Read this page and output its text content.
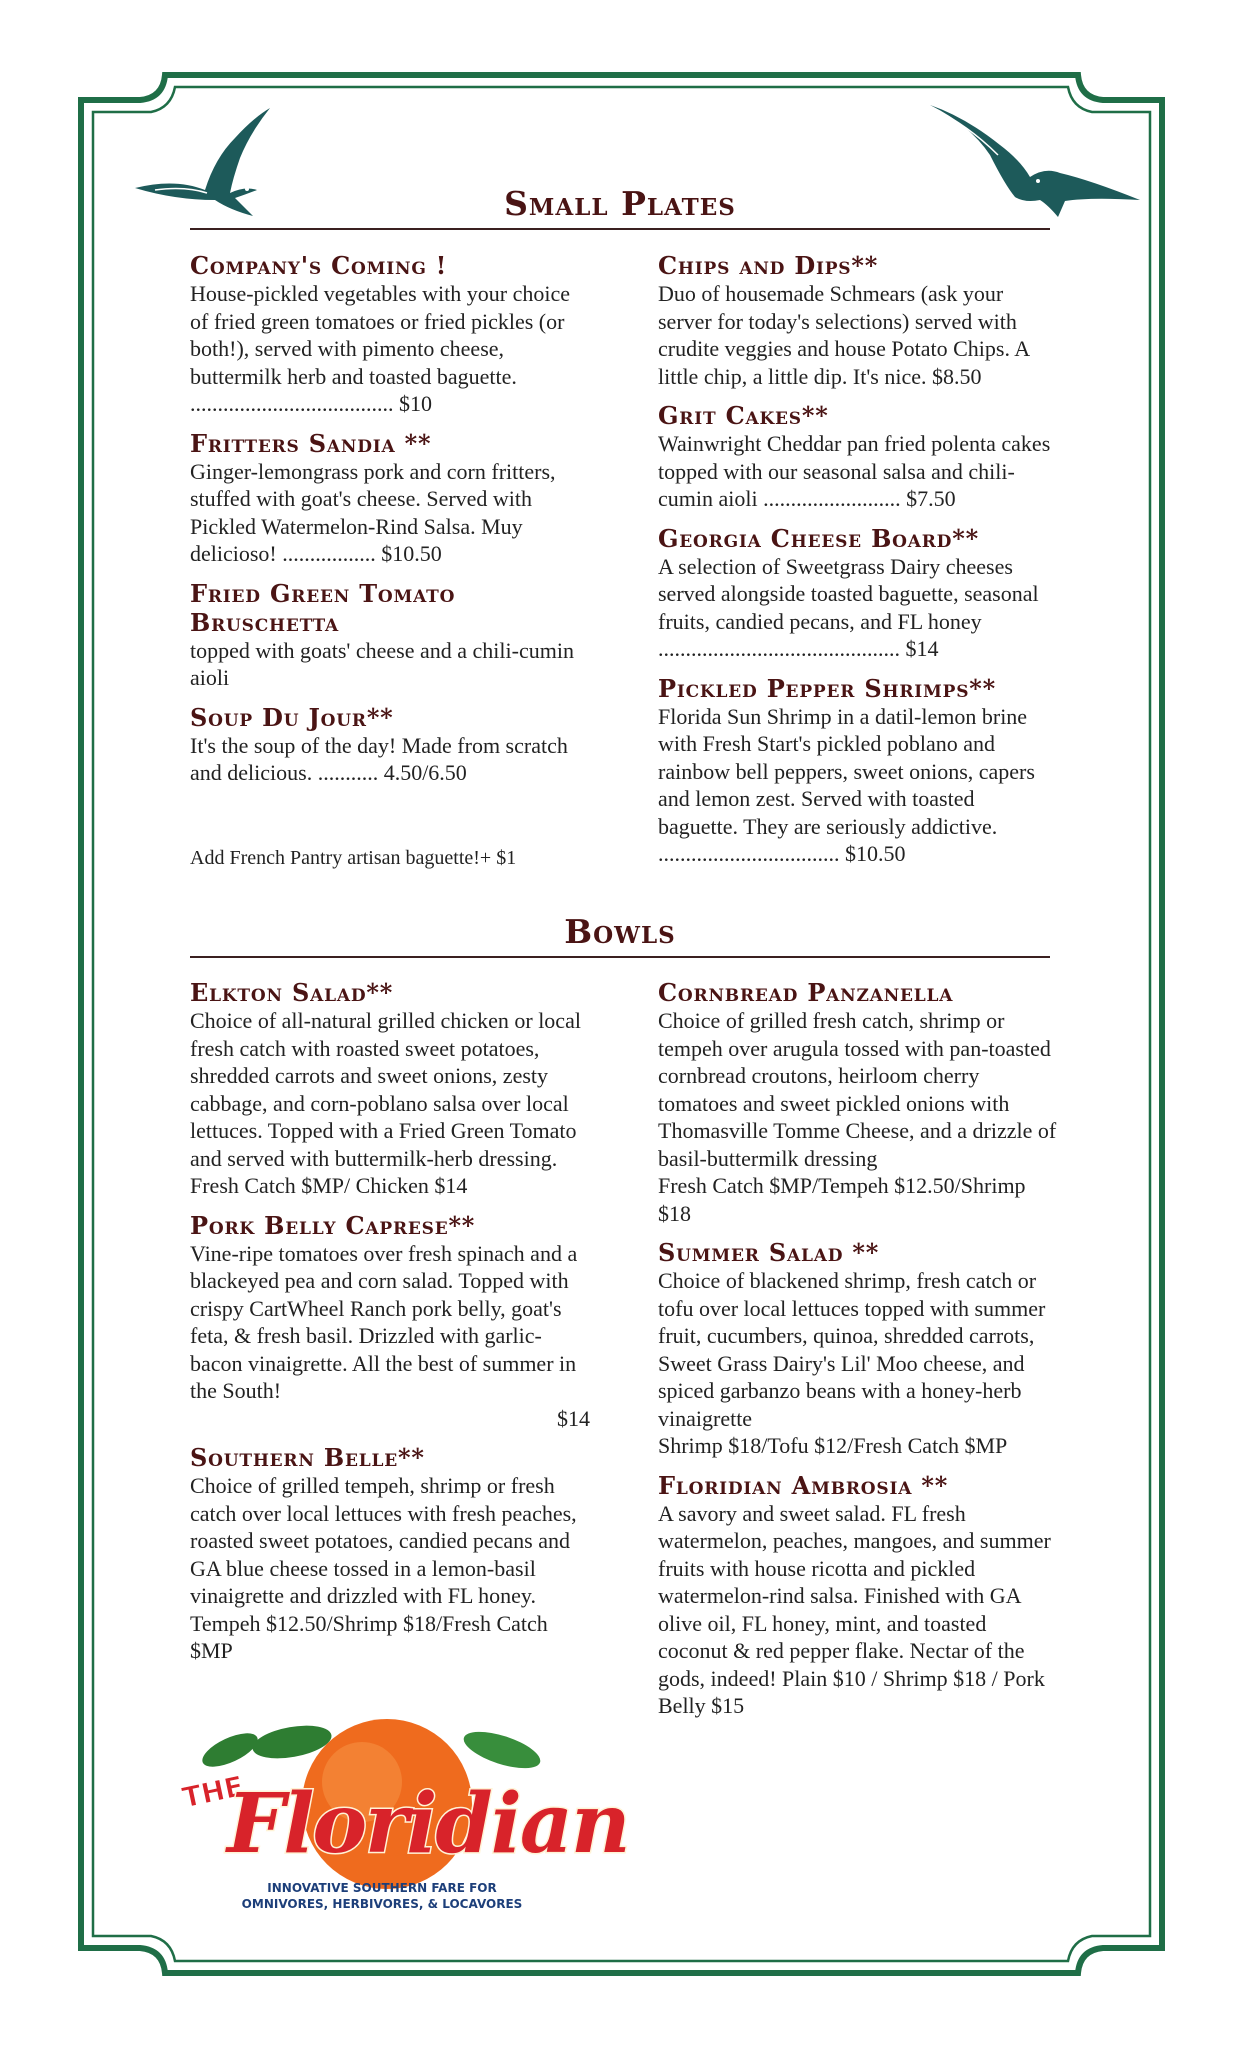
Small Plates
Company's Coming !

House-pickled vegetables with your choice of fried green tomatoes or fried pickles (or both!), served with pimento cheese, buttermilk herb and toasted baguette. ..................................... $10

Fritters Sandia **

Ginger-lemongrass pork and corn fritters, stuffed with goat's cheese. Served with Pickled Watermelon-Rind Salsa. Muy delicioso! ................. $10.50

Fried Green Tomato Bruschetta

topped with goats' cheese and a chili-cumin aioli

Soup Du Jour**

It's the soup of the day! Made from scratch and delicious. ........... 4.50/6.50

Add French Pantry artisan baguette!+ $1
Chips and Dips**

Duo of housemade Schmears (ask your server for today's selections) served with crudite veggies and house Potato Chips. A little chip, a little dip. It's nice. $8.50

Grit Cakes**

Wainwright Cheddar pan fried polenta cakes topped with our seasonal salsa and chili-cumin aioli ......................... $7.50

Georgia Cheese Board**

A selection of Sweetgrass Dairy cheeses served alongside toasted baguette, seasonal fruits, candied pecans, and FL honey ............................................ $14

Pickled Pepper Shrimps**

Florida Sun Shrimp in a datil-lemon brine with Fresh Start's pickled poblano and rainbow bell peppers, sweet onions, capers and lemon zest. Served with toasted baguette. They are seriously addictive. ................................. $10.50

Bowls
Elkton Salad**

Choice of all-natural grilled chicken or local fresh catch with roasted sweet potatoes, shredded carrots and sweet onions, zesty cabbage, and corn-poblano salsa over local lettuces. Topped with a Fried Green Tomato and served with buttermilk-herb dressing. Fresh Catch $MP/ Chicken $14

Pork Belly Caprese**

Vine-ripe tomatoes over fresh spinach and a blackeyed pea and corn salad. Topped with crispy CartWheel Ranch pork belly, goat's feta, & fresh basil. Drizzled with garlic-bacon vinaigrette. All the best of summer in the South!

$14

Southern Belle**

Choice of grilled tempeh, shrimp or fresh catch over local lettuces with fresh peaches, roasted sweet potatoes, candied pecans and GA blue cheese tossed in a lemon-basil vinaigrette and drizzled with FL honey. Tempeh $12.50/Shrimp $18/Fresh Catch $MP

Cornbread Panzanella

Choice of grilled fresh catch, shrimp or tempeh over arugula tossed with pan-toasted cornbread croutons, heirloom cherry tomatoes and sweet pickled onions with Thomasville Tomme Cheese, and a drizzle of basil-buttermilk dressing

Fresh Catch $MP/Tempeh $12.50/Shrimp $18

Summer Salad **

Choice of blackened shrimp, fresh catch or tofu over local lettuces topped with summer fruit, cucumbers, quinoa, shredded carrots, Sweet Grass Dairy's Lil' Moo cheese, and spiced garbanzo beans with a honey-herb vinaigrette

Shrimp $18/Tofu $12/Fresh Catch $MP

Floridian Ambrosia **

A savory and sweet salad. FL fresh watermelon, peaches, mangoes, and summer fruits with house ricotta and pickled watermelon-rind salsa. Finished with GA olive oil, FL honey, mint, and toasted coconut & red pepper flake. Nectar of the gods, indeed! Plain $10 / Shrimp $18 / Pork Belly $15

THE
Floridian
INNOVATIVE SOUTHERN FARE FOR
OMNIVORES, HERBIVORES, & LOCAVORES
